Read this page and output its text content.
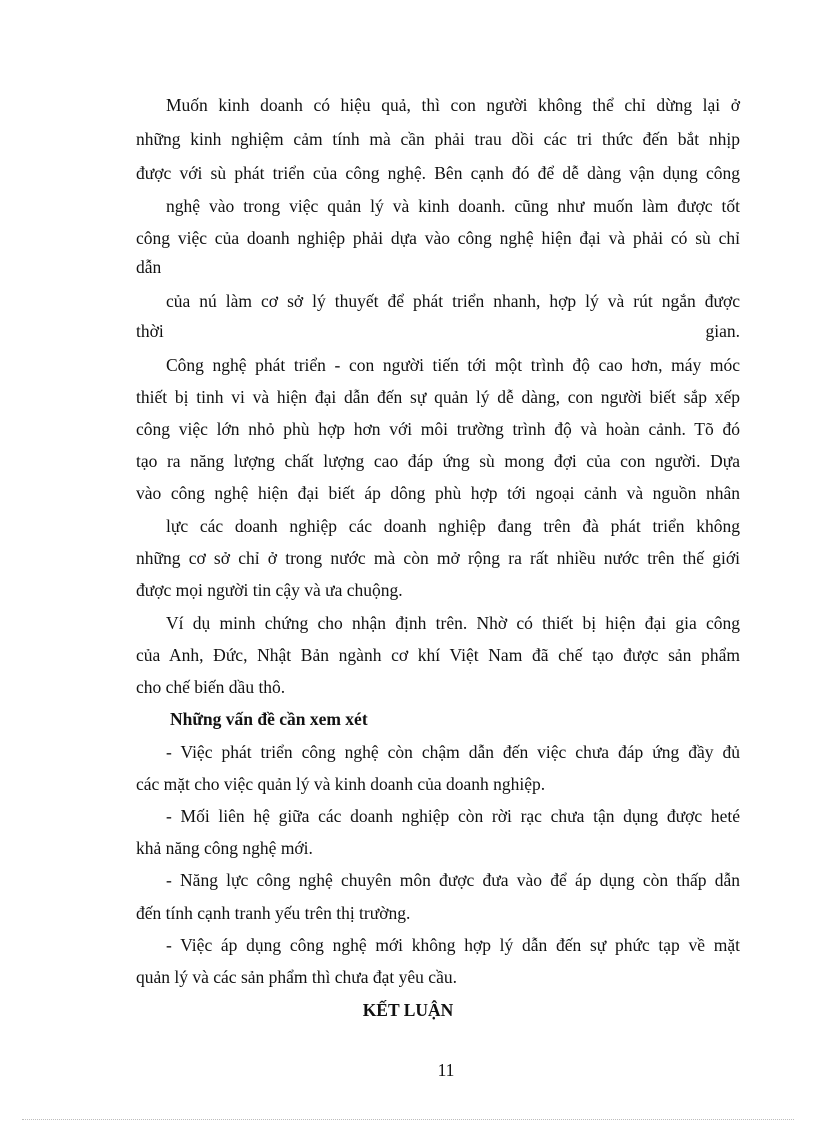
Muốn kinh doanh có hiệu quả, thì con người không thể chỉ dừng lại ở
những kinh nghiệm cảm tính mà cần phải trau dồi các tri thức đến bắt nhịp
được với sù phát triển của công nghệ. Bên cạnh đó để dễ dàng vận dụng công
nghệ vào trong việc quản lý và kinh doanh. cũng như muốn làm được tốt
công việc của doanh nghiệp phải dựa vào công nghệ hiện đại và phải có sù chỉ
dẫn
của nú làm cơ sở lý thuyết để phát triển nhanh, hợp lý và rút ngắn được
thời gian.
Công nghệ phát triển - con người tiến tới một trình độ cao hơn, máy móc
thiết bị tinh vi và hiện đại dẫn đến sự quản lý dễ dàng, con người biết sắp xếp
công việc lớn nhỏ phù hợp hơn với môi trường trình độ và hoàn cảnh. Tõ đó
tạo ra năng lượng chất lượng cao đáp ứng sù mong đợi của con người. Dựa
vào công nghệ hiện đại biết áp dông phù hợp tới ngoại cảnh và nguồn nhân
lực các doanh nghiệp các doanh nghiệp đang trên đà phát triển không
những cơ sở chỉ ở trong nước mà còn mở rộng ra rất nhiều nước trên thế giới
được mọi người tin cậy và ưa chuộng.
Ví dụ minh chứng cho nhận định trên. Nhờ có thiết bị hiện đại gia công
của Anh, Đức, Nhật Bản ngành cơ khí Việt Nam đã chế tạo được sản phẩm
cho chế biến dầu thô.
Những vấn đề cần xem xét
- Việc phát triển công nghệ còn chậm dẫn đến việc chưa đáp ứng đầy đủ
các mặt cho việc quản lý và kinh doanh của doanh nghiệp.
- Mối liên hệ giữa các doanh nghiệp còn rời rạc chưa tận dụng được heté
khả năng công nghệ mới.
- Năng lực công nghệ chuyên môn được đưa vào để áp dụng còn thấp dẫn
đến tính cạnh tranh yếu trên thị trường.
- Việc áp dụng công nghệ mới không hợp lý dẫn đến sự phức tạp về mặt
quản lý và các sản phẩm thì chưa đạt yêu cầu.
KẾT LUẬN
11
